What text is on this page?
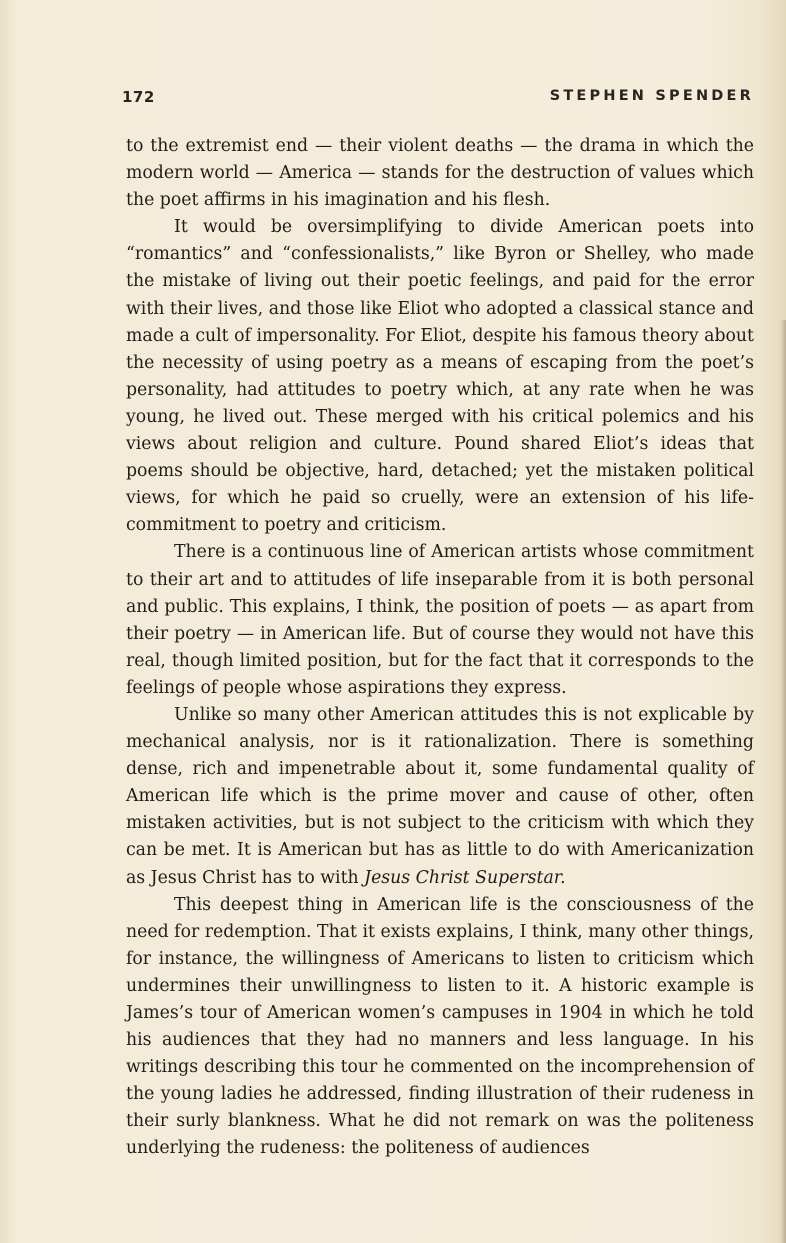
172	STEPHEN SPENDER

to the extremist end — their violent deaths — the drama in which the modern world — America — stands for the destruction of values which the poet affirms in his imagination and his flesh.

It would be oversimplifying to divide American poets into “romantics” and “confessionalists,” like Byron or Shelley, who made the mistake of living out their poetic feelings, and paid for the error with their lives, and those like Eliot who adopted a classical stance and made a cult of impersonality. For Eliot, despite his famous theory about the necessity of using poetry as a means of escaping from the poet’s personality, had attitudes to poetry which, at any rate when he was young, he lived out. These merged with his critical polemics and his views about religion and culture. Pound shared Eliot’s ideas that poems should be objective, hard, detached; yet the mistaken political views, for which he paid so cruelly, were an extension of his life-commitment to poetry and criticism.

There is a continuous line of American artists whose commitment to their art and to attitudes of life inseparable from it is both personal and public. This explains, I think, the position of poets — as apart from their poetry — in American life. But of course they would not have this real, though limited position, but for the fact that it corresponds to the feelings of people whose aspirations they express.

Unlike so many other American attitudes this is not explicable by mechanical analysis, nor is it rationalization. There is something dense, rich and impenetrable about it, some fundamental quality of American life which is the prime mover and cause of other, often mistaken activities, but is not subject to the criticism with which they can be met. It is American but has as little to do with Americanization as Jesus Christ has to with Jesus Christ Superstar.

This deepest thing in American life is the consciousness of the need for redemption. That it exists explains, I think, many other things, for instance, the willingness of Americans to listen to criticism which undermines their unwillingness to listen to it. A historic example is James’s tour of American women’s campuses in 1904 in which he told his audiences that they had no manners and less language. In his writings describing this tour he commented on the incomprehension of the young ladies he addressed, finding illustration of their rudeness in their surly blankness. What he did not remark on was the politeness underlying the rudeness: the politeness of audiences
